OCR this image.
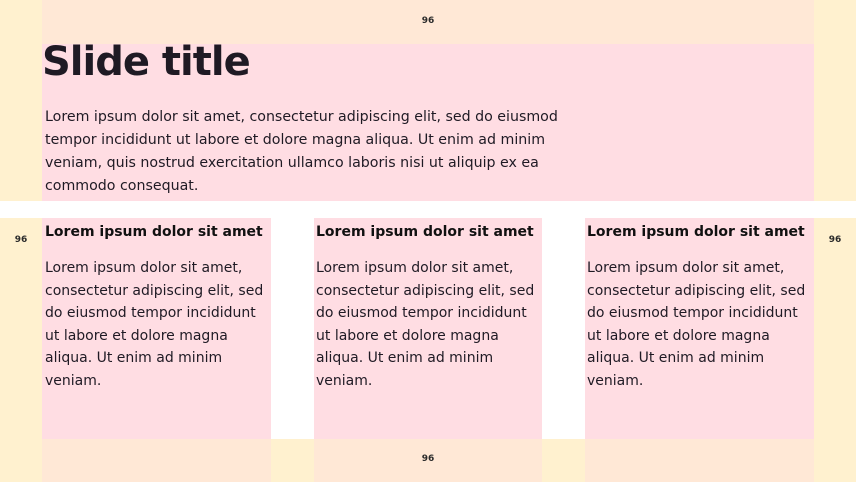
96
96
96	96
Slide title
Lorem ipsum dolor sit amet, consectetur adipiscing elit, sed do eiusmod tempor incididunt ut labore et dolore magna aliqua. Ut enim ad minim veniam, quis nostrud exercitation ullamco laboris nisi ut aliquip ex ea commodo consequat.
Lorem ipsum dolor sit amet
Lorem ipsum dolor sit amet, consectetur adipiscing elit, sed do eiusmod tempor incididunt ut labore et dolore magna aliqua. Ut enim ad minim veniam.
Lorem ipsum dolor sit amet
Lorem ipsum dolor sit amet, consectetur adipiscing elit, sed do eiusmod tempor incididunt ut labore et dolore magna aliqua. Ut enim ad minim veniam.
Lorem ipsum dolor sit amet
Lorem ipsum dolor sit amet, consectetur adipiscing elit, sed do eiusmod tempor incididunt ut labore et dolore magna aliqua. Ut enim ad minim veniam.
